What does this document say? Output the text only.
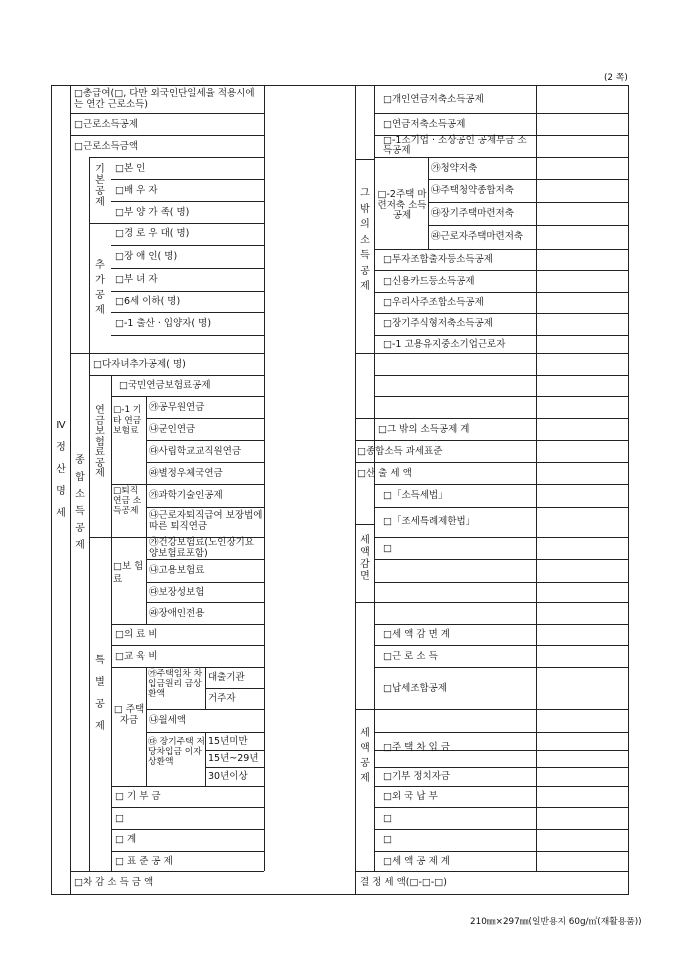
(2 쪽)
Ⅳ 정 산 명 세
종 합 소 득 공 제
기 본 공 제
추 가 공 제
연금보험료공제
특 별 공 제
□총급여(□, 다만 외국인단일세율 적용시에는 연간 근로소득)
□근로소득공제
□근로소득금액
□본 인
□배 우 자
□부 양 가 족( 명)
□경 로 우 대( 명)
□장 애 인( 명)
□부 녀 자
□6세 이하( 명)
□-1 출산 · 입양자( 명)
□다자녀추가공제( 명)
□국민연금보험료공제
□-1 기타 연금보험료
㉮공무원연금
㉯군인연금
㉰사립학교교직원연금
㉱별정우체국연금
□퇴직연금 소득공제
㉮과학기술인공제
㉯근로자퇴직급여 보장법에 따른 퇴직연금
□보 험 료
㉮건강보험료(노인장기요양보험료포함)
㉯고용보험료
㉰보장성보험
㉱장애인전용
□의 료 비
□교 육 비
□ 주택 자금
㉮주택임차 차입금원리 금상환액
대출기관
거주자
㉯월세액
㉰ 장기주택 저당차입금 이자상환액
15년미만
15년~29년
30년이상
□ 기 부 금
□
□ 계
□ 표 준 공 제
□차 감 소 득 금 액
그 밖 의 소 득 공 제
세 액 감 면
세 액 공 제
□개인연금저축소득공제
□연금저축소득공제
□-1소기업 · 소상공인 공제부금 소득공제
□-2주택 마련저축 소득공제
㉮청약저축
㉯주택청약종합저축
㉰장기주택마련저축
㉱근로자주택마련저축
□투자조합출자등소득공제
□신용카드등소득공제
□우리사주조합소득공제
□장기주식형저축소득공제
□-1 고용유지중소기업근로자
□그 밖의 소득공제 계
□종합소득 과세표준
□산 출 세 액
□「소득세법」
□「조세특례제한법」
□
□세 액 감 면 계
□근 로 소 득
□납세조합공제
□주 택 차 입 금
□기부 정치자금
□외 국 납 부
□
□
□세 액 공 제 계
결 정 세 액(□-□-□)
210㎜×297㎜(일반용지 60g/㎡(재활용품))
